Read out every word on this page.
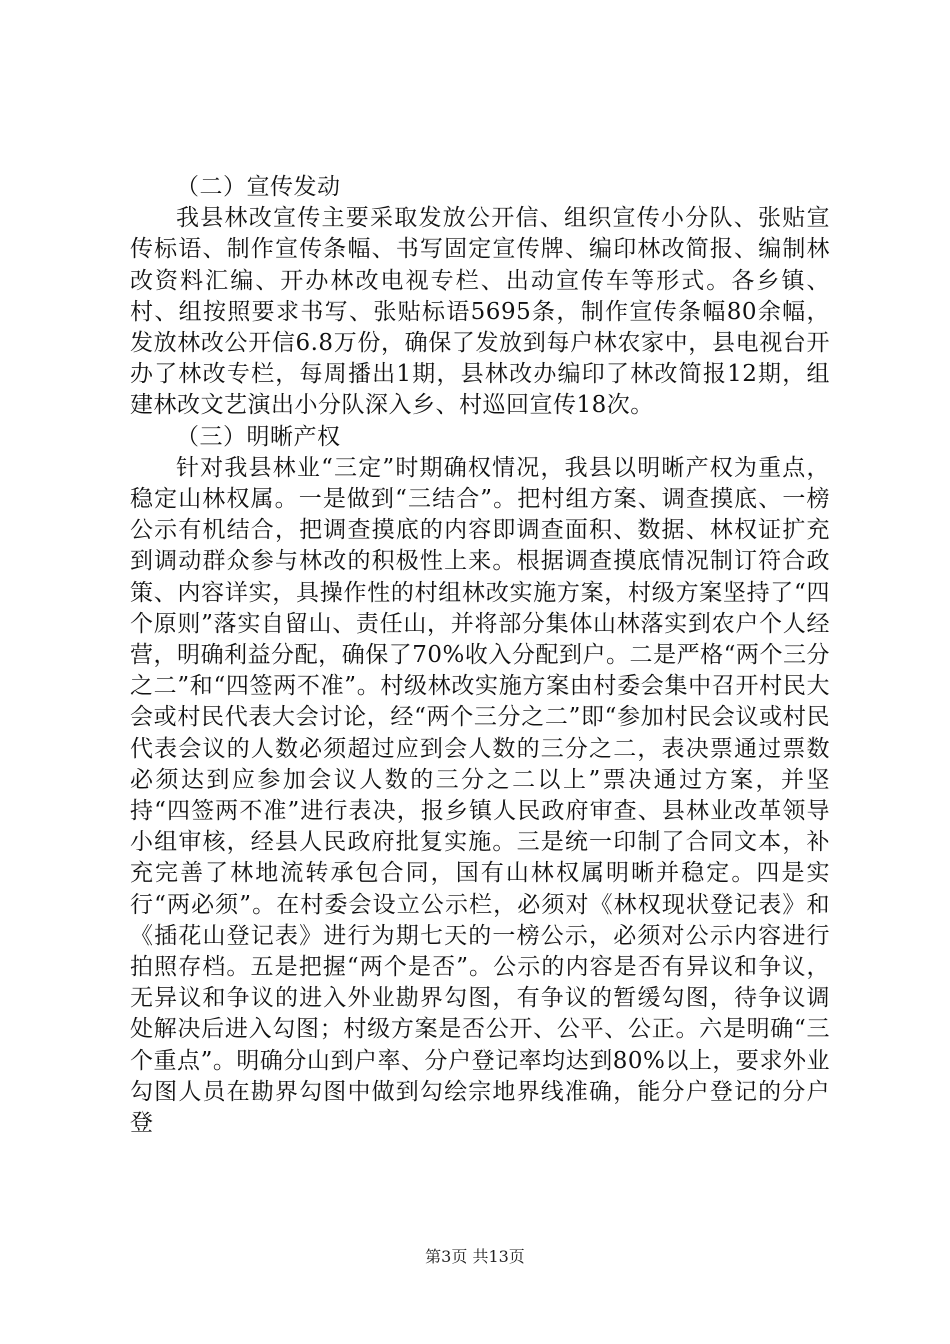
（二）宣传发动

我县林改宣传主要采取发放公开信、组织宣传小分队、张贴宣传标语、制作宣传条幅、书写固定宣传牌、编印林改简报、编制林改资料汇编、开办林改电视专栏、出动宣传车等形式。各乡镇、村、组按照要求书写、张贴标语5695条，制作宣传条幅80余幅，发放林改公开信6.8万份，确保了发放到每户林农家中，县电视台开办了林改专栏，每周播出1期，县林改办编印了林改简报12期，组建林改文艺演出小分队深入乡、村巡回宣传18次。

（三）明晰产权

针对我县林业“三定”时期确权情况，我县以明晰产权为重点，稳定山林权属。一是做到“三结合”。把村组方案、调查摸底、一榜公示有机结合，把调查摸底的内容即调查面积、数据、林权证扩充到调动群众参与林改的积极性上来。根据调查摸底情况制订符合政策、内容详实，具操作性的村组林改实施方案，村级方案坚持了“四个原则”落实自留山、责任山，并将部分集体山林落实到农户个人经营，明确利益分配，确保了70%收入分配到户。二是严格“两个三分之二”和“四签两不准”。村级林改实施方案由村委会集中召开村民大会或村民代表大会讨论，经“两个三分之二”即“参加村民会议或村民代表会议的人数必须超过应到会人数的三分之二，表决票通过票数必须达到应参加会议人数的三分之二以上”票决通过方案，并坚持“四签两不准”进行表决，报乡镇人民政府审查、县林业改革领导小组审核，经县人民政府批复实施。三是统一印制了合同文本，补充完善了林地流转承包合同，国有山林权属明晰并稳定。四是实行“两必须”。在村委会设立公示栏，必须对《林权现状登记表》和《插花山登记表》进行为期七天的一榜公示，必须对公示内容进行拍照存档。五是把握“两个是否”。公示的内容是否有异议和争议，无异议和争议的进入外业勘界勾图，有争议的暂缓勾图，待争议调处解决后进入勾图；村级方案是否公开、公平、公正。六是明确“三个重点”。明确分山到户率、分户登记率均达到80%以上，要求外业勾图人员在勘界勾图中做到勾绘宗地界线准确，能分户登记的分户登

第3页 共13页
